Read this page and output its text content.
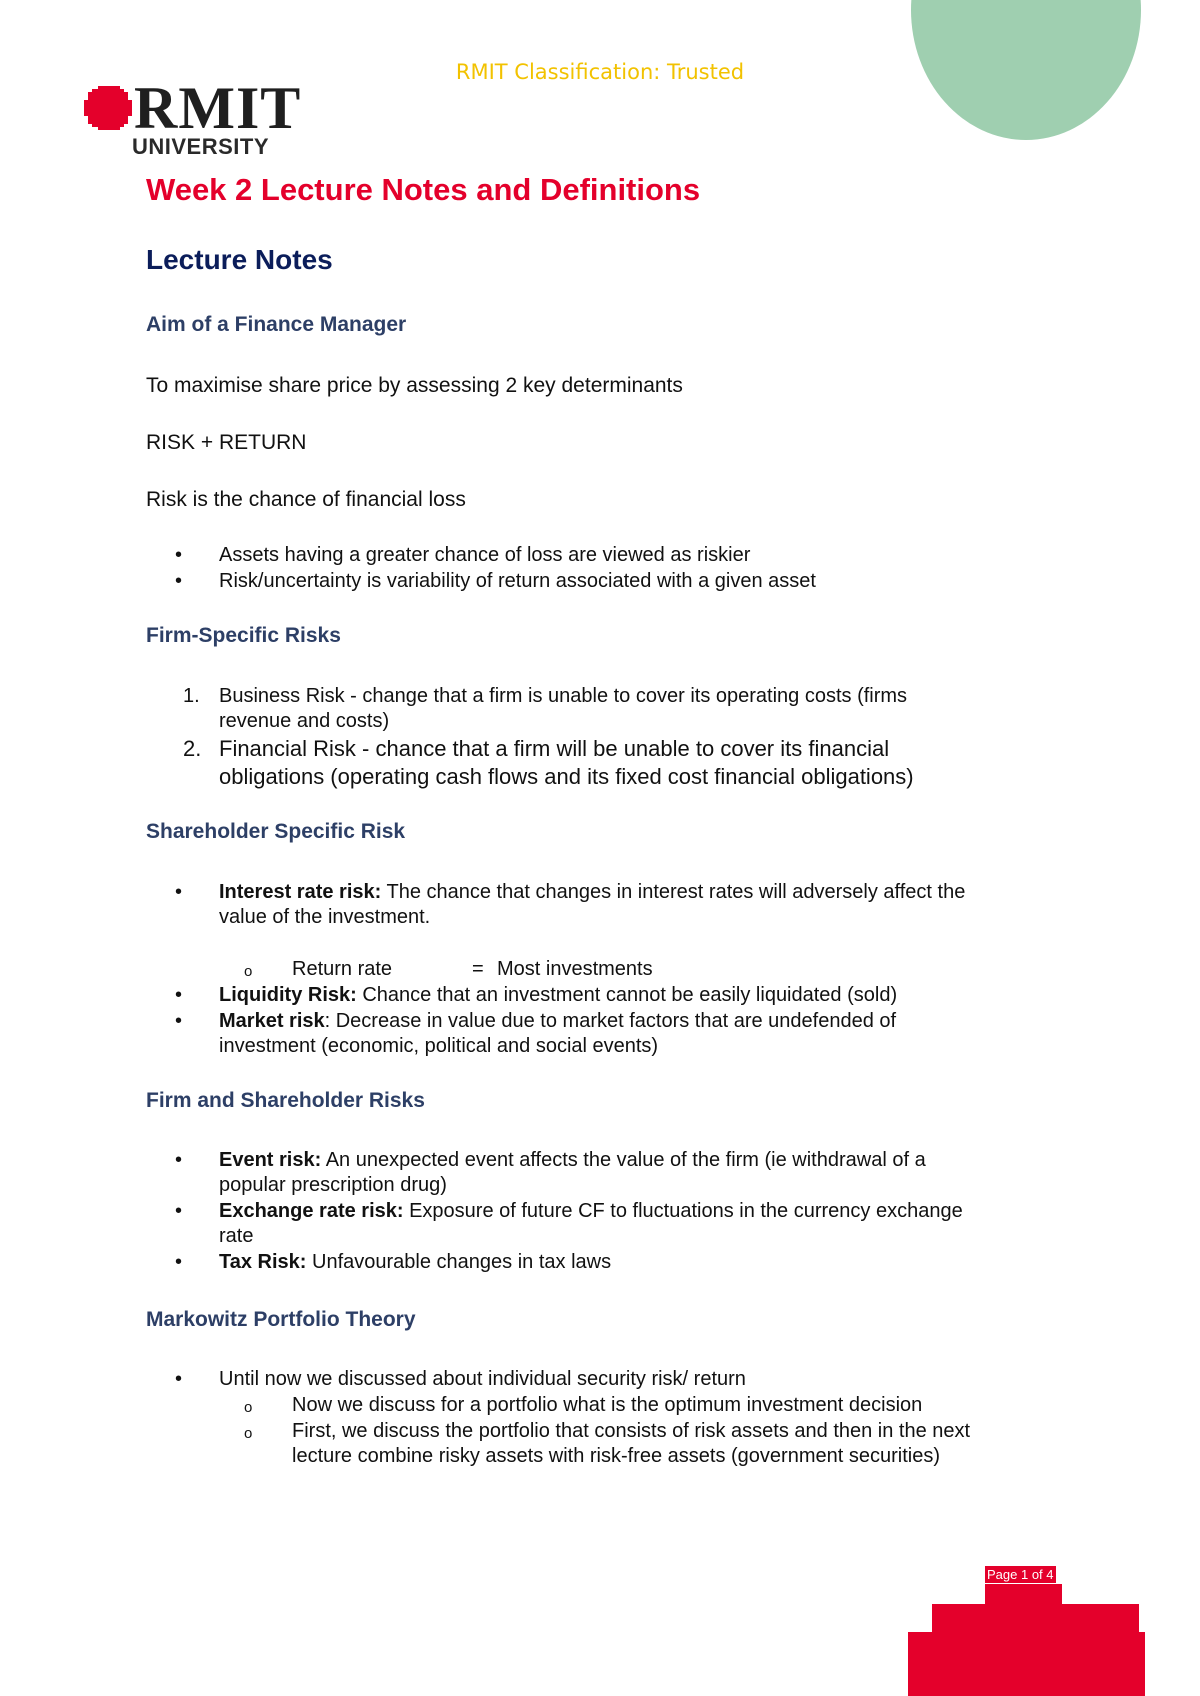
RMIT Classification: Trusted
RMIT
UNIVERSITY
Week 2 Lecture Notes and Definitions
Lecture Notes
Aim of a Finance Manager
To maximise share price by assessing 2 key determinants
RISK + RETURN
Risk is the chance of financial loss
• Assets having a greater chance of loss are viewed as riskier
• Risk/uncertainty is variability of return associated with a given asset
Firm-Specific Risks
1. Business Risk - change that a firm is unable to cover its operating costs (firms
revenue and costs)
2. Financial Risk - chance that a firm will be unable to cover its financial
obligations (operating cash flows and its fixed cost financial obligations)
Shareholder Specific Risk
• Interest rate risk: The chance that changes in interest rates will adversely affect the
value of the investment.
o Return rate	= Most investments
• Liquidity Risk: Chance that an investment cannot be easily liquidated (sold)
• Market risk: Decrease in value due to market factors that are undefended of
investment (economic, political and social events)
Firm and Shareholder Risks
• Event risk: An unexpected event affects the value of the firm (ie withdrawal of a
popular prescription drug)
• Exchange rate risk: Exposure of future CF to fluctuations in the currency exchange
rate
• Tax Risk: Unfavourable changes in tax laws
Markowitz Portfolio Theory
• Until now we discussed about individual security risk/ return
o Now we discuss for a portfolio what is the optimum investment decision
o First, we discuss the portfolio that consists of risk assets and then in the next
lecture combine risky assets with risk-free assets (government securities)
Page 1 of 4
